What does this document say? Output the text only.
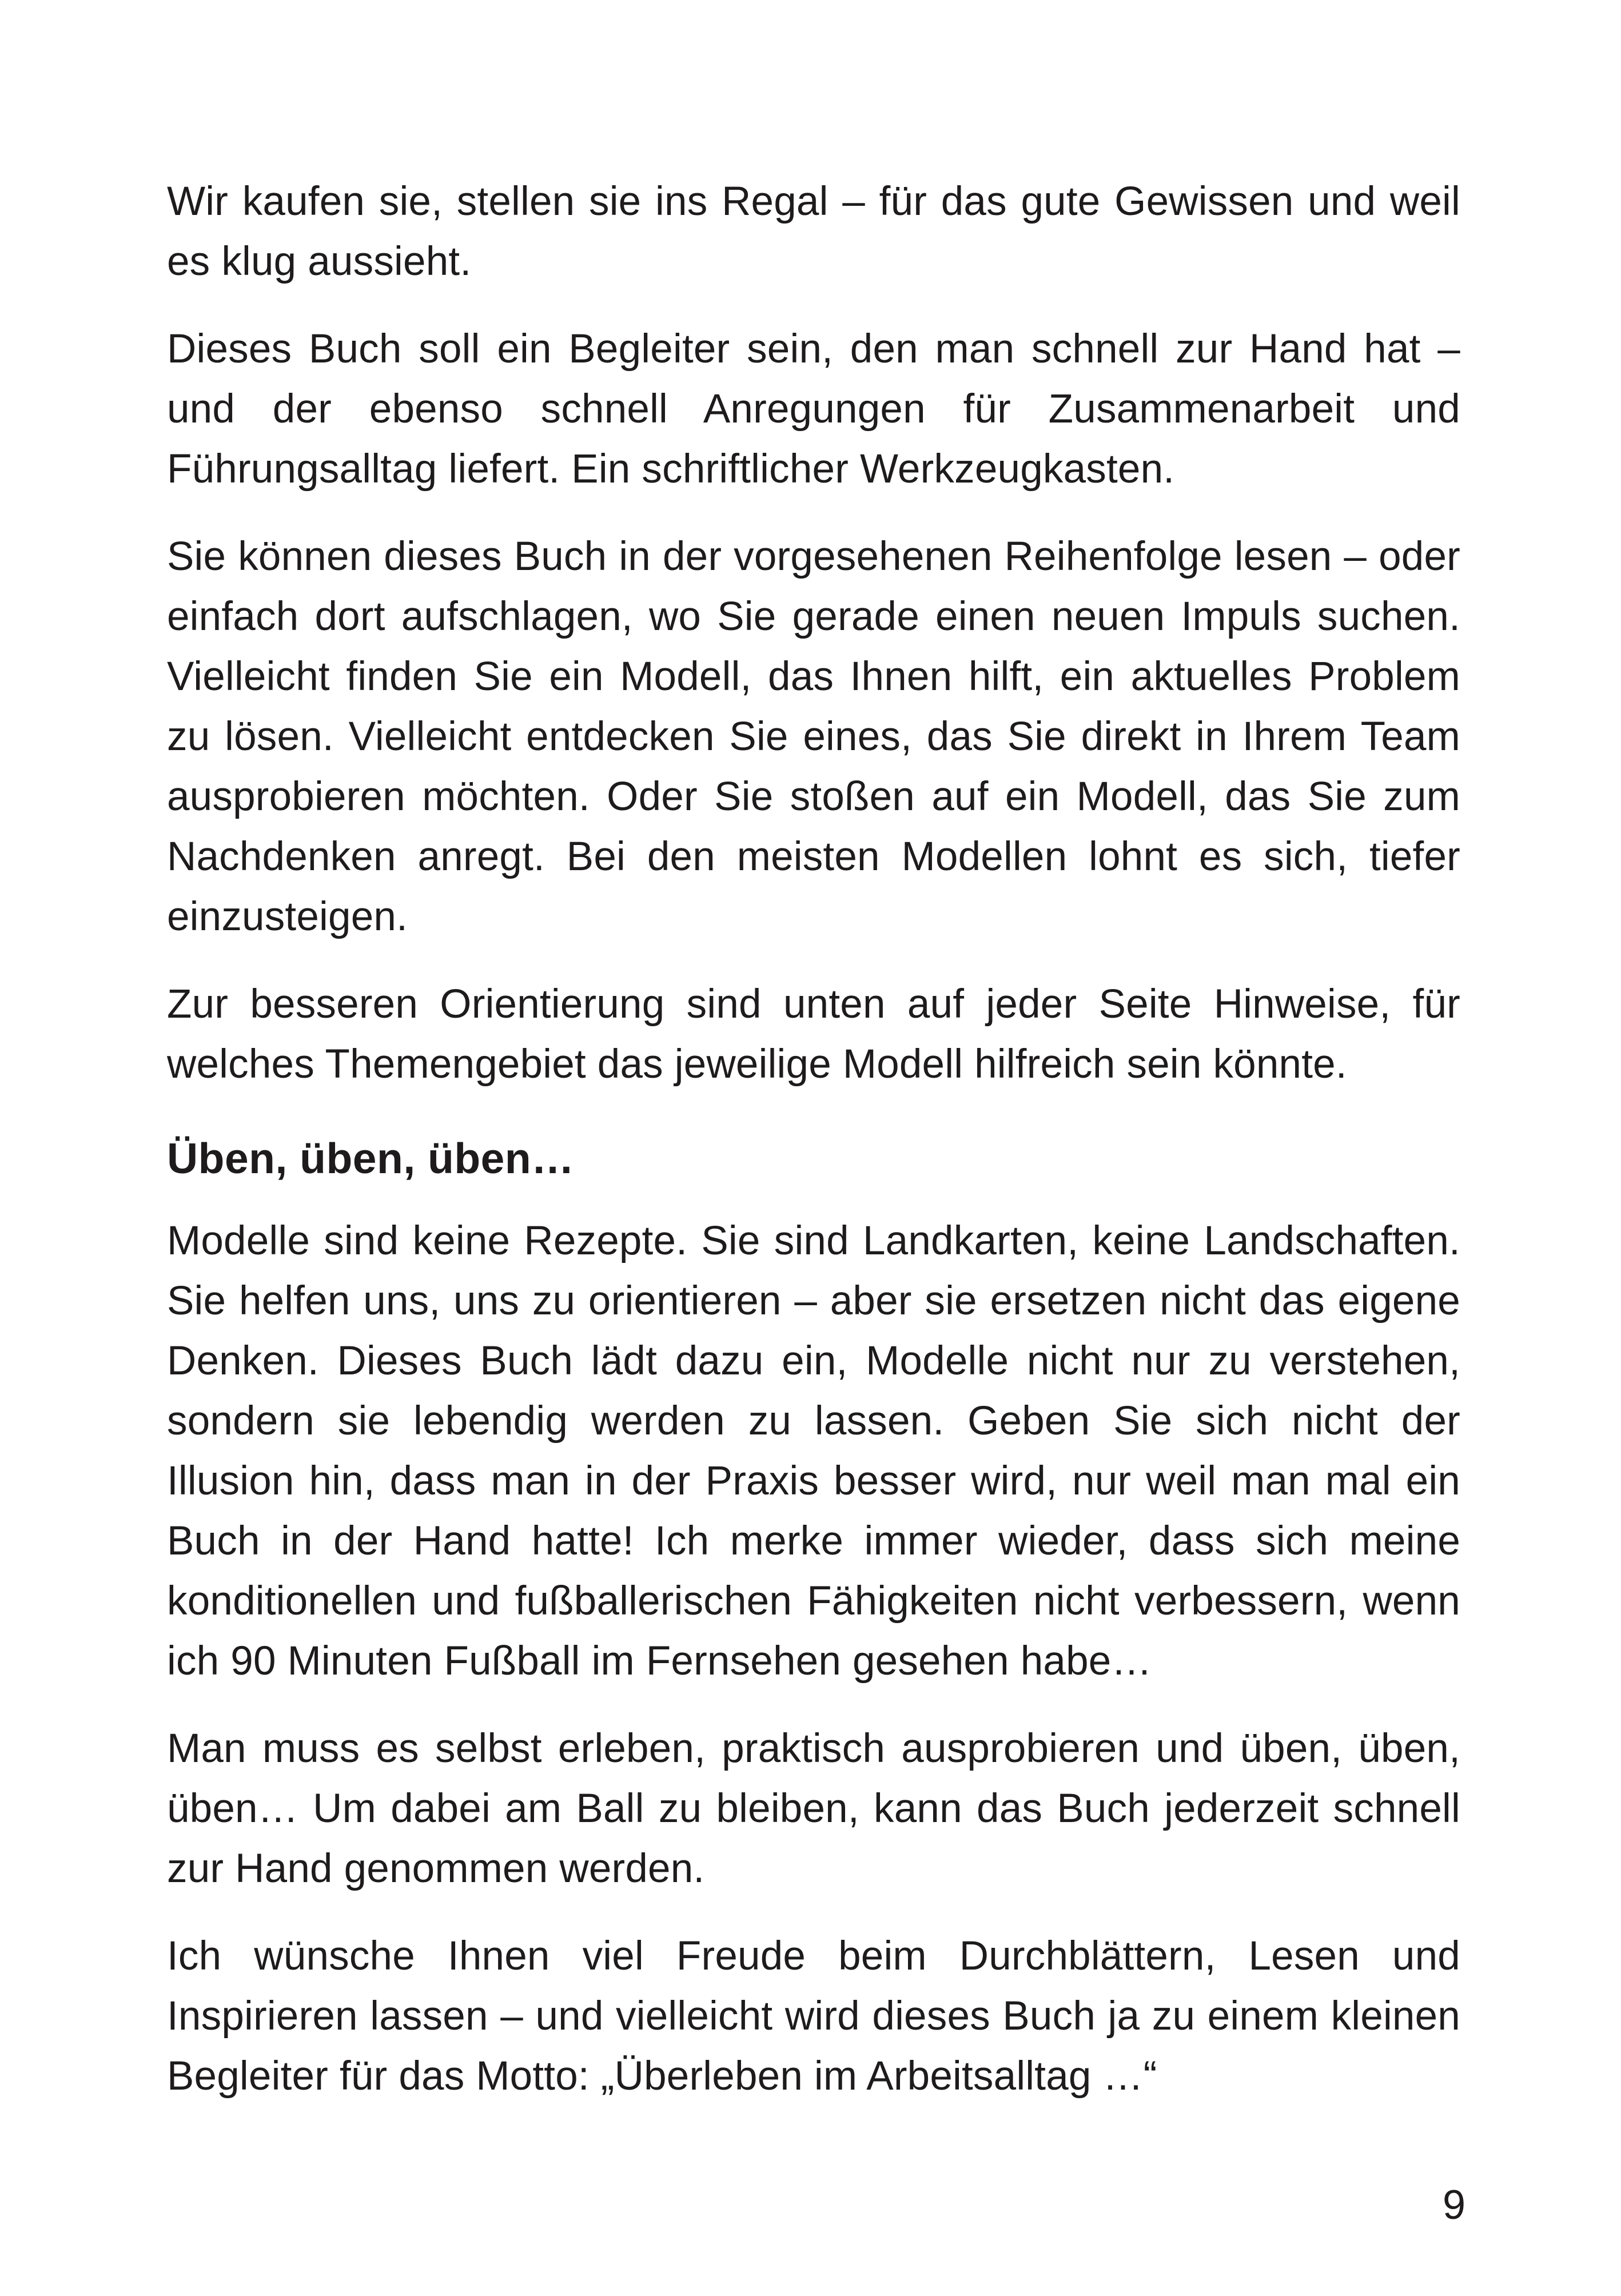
Wir kaufen sie, stellen sie ins Regal – für das gute Gewissen und weil es klug aussieht.

Dieses Buch soll ein Begleiter sein, den man schnell zur Hand hat – und der ebenso schnell Anregungen für Zusammenarbeit und Führungsalltag liefert. Ein schriftlicher Werkzeugkasten.

Sie können dieses Buch in der vorgesehenen Reihenfolge lesen – oder einfach dort aufschlagen, wo Sie gerade einen neuen Impuls suchen. Vielleicht finden Sie ein Modell, das Ihnen hilft, ein aktuelles Problem zu lösen. Vielleicht entdecken Sie eines, das Sie direkt in Ihrem Team ausprobieren möchten. Oder Sie stoßen auf ein Modell, das Sie zum Nachdenken anregt. Bei den meisten Modellen lohnt es sich, tiefer einzusteigen.

Zur besseren Orientierung sind unten auf jeder Seite Hinweise, für welches Themengebiet das jeweilige Modell hilfreich sein könnte.

Üben, üben, üben…

Modelle sind keine Rezepte. Sie sind Landkarten, keine Landschaften. Sie helfen uns, uns zu orientieren – aber sie ersetzen nicht das eigene Denken. Dieses Buch lädt dazu ein, Modelle nicht nur zu verstehen, sondern sie lebendig werden zu lassen. Geben Sie sich nicht der Illusion hin, dass man in der Praxis besser wird, nur weil man mal ein Buch in der Hand hatte! Ich merke immer wieder, dass sich meine konditionellen und fußballerischen Fähigkeiten nicht verbessern, wenn ich 90 Minuten Fußball im Fernsehen gesehen habe…

Man muss es selbst erleben, praktisch ausprobieren und üben, üben, üben… Um dabei am Ball zu bleiben, kann das Buch jederzeit schnell zur Hand genommen werden.

Ich wünsche Ihnen viel Freude beim Durchblättern, Lesen und Inspirieren lassen – und vielleicht wird dieses Buch ja zu einem kleinen Begleiter für das Motto: „Überleben im Arbeitsalltag …“

9
